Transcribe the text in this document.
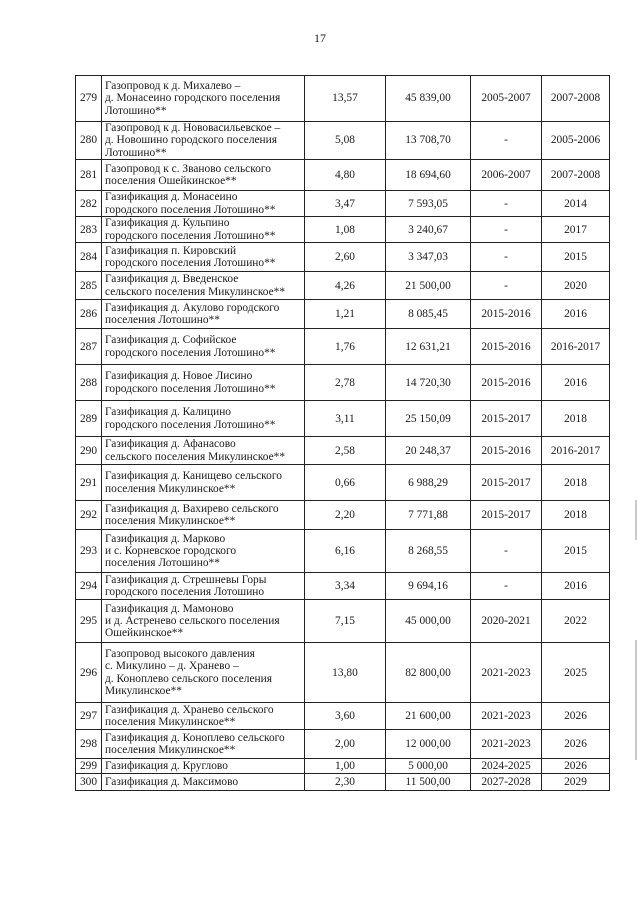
17
279	Газопровод к д. Михалево –
д. Монасеино городского поселения
Лотошино**	13,57	45 839,00	2005-2007	2007-2008
280	Газопровод к д. Нововасильевское –
д. Новошино городского поселения
Лотошино**	5,08	13 708,70	-	2005-2006
281	Газопровод к с. Званово сельского
поселения Ошейкинское**	4,80	18 694,60	2006-2007	2007-2008
282	Газификация д. Монасеино
городского поселения Лотошино**	3,47	7 593,05	-	2014
283	Газификация д. Кульпино
городского поселения Лотошино**	1,08	3 240,67	-	2017
284	Газификация п. Кировский
городского поселения Лотошино**	2,60	3 347,03	-	2015
285	Газификация д. Введенское
сельского поселения Микулинское**	4,26	21 500,00	-	2020
286	Газификация д. Акулово городского
поселения Лотошино**	1,21	8 085,45	2015-2016	2016
287	Газификация д. Софийское
городского поселения Лотошино**	1,76	12 631,21	2015-2016	2016-2017
288	Газификация д. Новое Лисино
городского поселения Лотошино**	2,78	14 720,30	2015-2016	2016
289	Газификация д. Калицино
городского поселения Лотошино**	3,11	25 150,09	2015-2017	2018
290	Газификация д. Афанасово
сельского поселения Микулинское**	2,58	20 248,37	2015-2016	2016-2017
291	Газификация д. Канищево сельского
поселения Микулинское**	0,66	6 988,29	2015-2017	2018
292	Газификация д. Вахирево сельского
поселения Микулинское**	2,20	7 771,88	2015-2017	2018
293	Газификация д. Марково
и с. Корневское городского
поселения Лотошино**	6,16	8 268,55	-	2015
294	Газификация д. Стрешневы Горы
городского поселения Лотошино	3,34	9 694,16	-	2016
295	Газификация д. Мамоново
и д. Астренево сельского поселения
Ошейкинское**	7,15	45 000,00	2020-2021	2022
296	Газопровод высокого давления
с. Микулино – д. Храневo –
д. Коноплево сельского поселения
Микулинское**	13,80	82 800,00	2021-2023	2025
297	Газификация д. Храневo сельского
поселения Микулинское**	3,60	21 600,00	2021-2023	2026
298	Газификация д. Коноплево сельского
поселения Микулинское**	2,00	12 000,00	2021-2023	2026
299	Газификация д. Круглово	1,00	5 000,00	2024-2025	2026
300	Газификация д. Максимово	2,30	11 500,00	2027-2028	2029
